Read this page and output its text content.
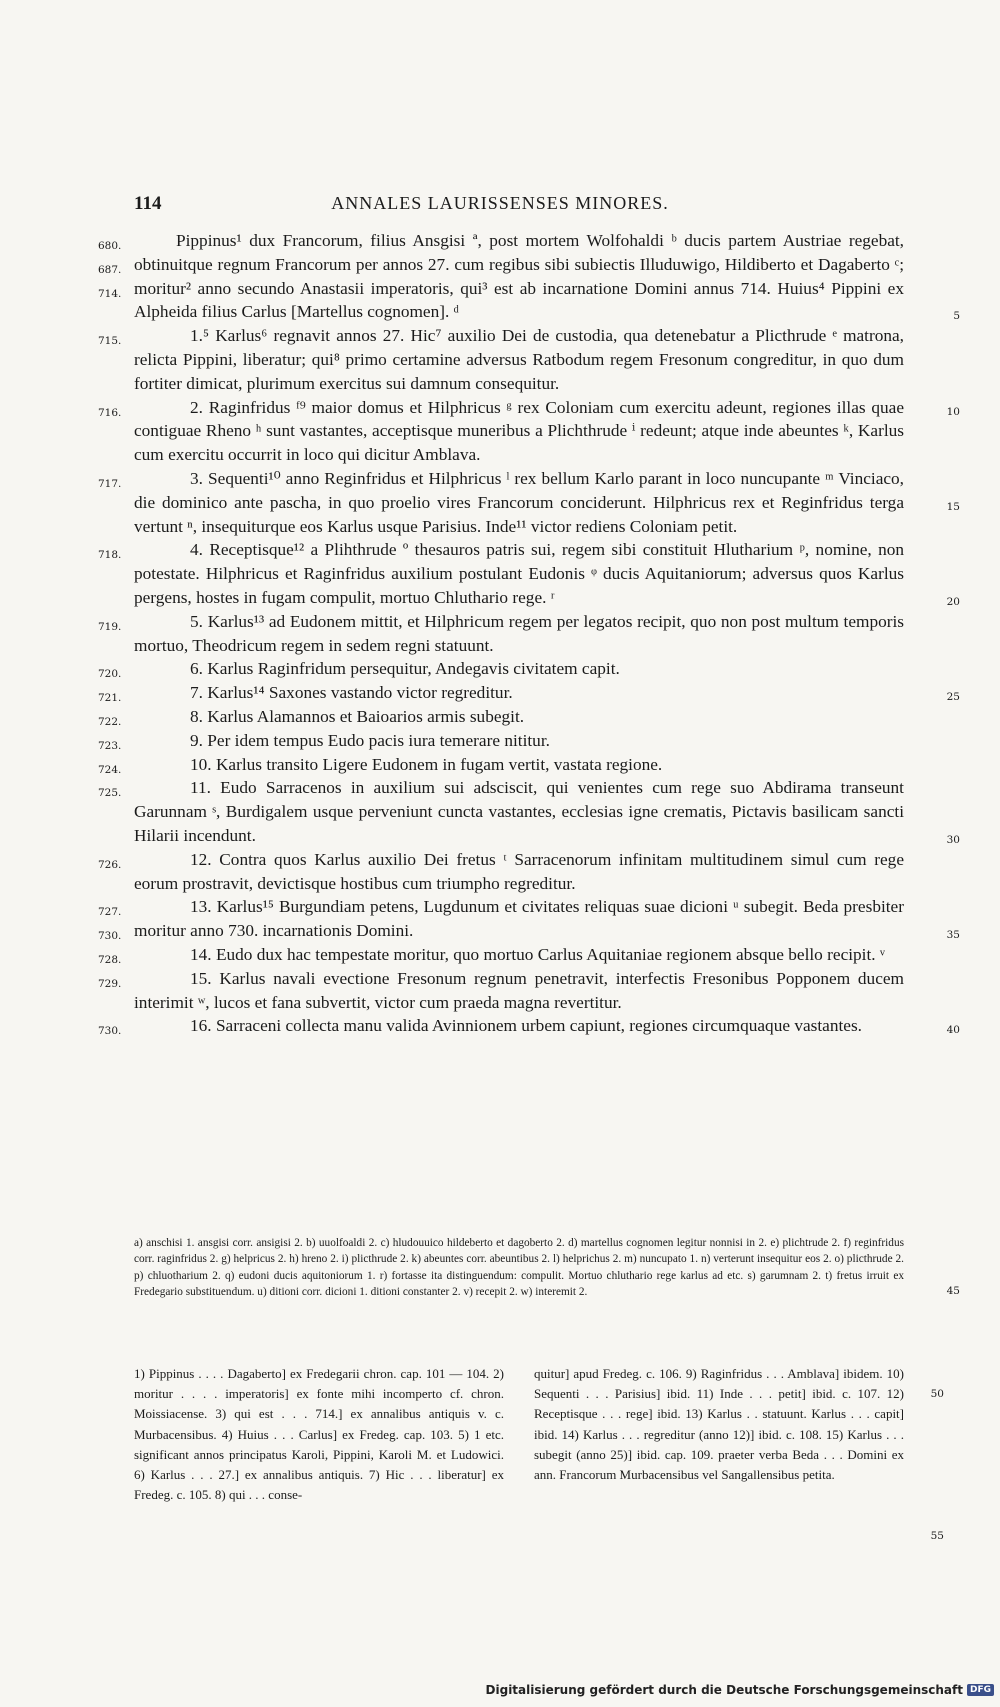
114	ANNALES LAURISSENSES MINORES.
Pippinus¹ dux Francorum, filius Ansgisi ª, post mortem Wolfohaldi ᵇ ducis partem Austriae regebat, obtinuitque regnum Francorum per annos 27. cum regibus sibi subiectis Illuduwigo, Hildiberto et Dagaberto ᶜ; moritur² anno secundo Anastasii imperatoris, qui³ est ab incarnatione Domini annus 714. Huius⁴ Pippini ex Alpheida filius Carlus [Martellus cognomen]. ᵈ
680.
687.
714.
5
1.⁵ Karlus⁶ regnavit annos 27. Hic⁷ auxilio Dei de custodia, qua detenebatur a Plicthrude ᵉ matrona, relicta Pippini, liberatur; qui⁸ primo certamine adversus Ratbodum regem Fresonum congreditur, in quo dum fortiter dimicat, plurimum exercitus sui damnum consequitur.
715.
2. Raginfridus ᶠ⁹ maior domus et Hilphricus ᵍ rex Coloniam cum exercitu adeunt, regiones illas quae contiguae Rheno ʰ sunt vastantes, acceptisque muneribus a Plichthrude ⁱ redeunt; atque inde abeuntes ᵏ, Karlus cum exercitu occurrit in loco qui dicitur Amblava.
716.	10
3. Sequenti¹⁰ anno Reginfridus et Hilphricus ˡ rex bellum Karlo parant in loco nuncupante ᵐ Vinciaco, die dominico ante pascha, in quo proelio vires Francorum conciderunt. Hilphricus rex et Reginfridus terga vertunt ⁿ, insequiturque eos Karlus usque Parisius. Inde¹¹ victor rediens Coloniam petit.
717.
15
4. Receptisque¹² a Plihthrude º thesauros patris sui, regem sibi constituit Hlutharium ᵖ, nomine, non potestate. Hilphricus et Raginfridus auxilium postulant Eudonis ᵠ ducis Aquitaniorum; adversus quos Karlus pergens, hostes in fugam compulit, mortuo Chluthario rege. ʳ
718.
20
5. Karlus¹³ ad Eudonem mittit, et Hilphricum regem per legatos recipit, quo non post multum temporis mortuo, Theodricum regem in sedem regni statuunt.
719.
6. Karlus Raginfridum persequitur, Andegavis civitatem capit.
720.
7. Karlus¹⁴ Saxones vastando victor regreditur.
721.	25
8. Karlus Alamannos et Baioarios armis subegit.
722.
9. Per idem tempus Eudo pacis iura temerare nititur.
723.
10. Karlus transito Ligere Eudonem in fugam vertit, vastata regione.
724.
11. Eudo Sarracenos in auxilium sui adsciscit, qui venientes cum rege suo Abdirama transeunt Garunnam ˢ, Burdigalem usque perveniunt cuncta vastantes, ecclesias igne crematis, Pictavis basilicam sancti Hilarii incendunt.
725.
30
12. Contra quos Karlus auxilio Dei fretus ᵗ Sarracenorum infinitam multitudinem simul cum rege eorum prostravit, devictisque hostibus cum triumpho regreditur.
726.
13. Karlus¹⁵ Burgundiam petens, Lugdunum et civitates reliquas suae dicioni ᵘ subegit. Beda presbiter moritur anno 730. incarnationis Domini.
727.
730.	35
14. Eudo dux hac tempestate moritur, quo mortuo Carlus Aquitaniae regionem absque bello recipit. ᵛ
728.
15. Karlus navali evectione Fresonum regnum penetravit, interfectis Fresonibus Popponem ducem interimit ʷ, lucos et fana subvertit, victor cum praeda magna revertitur.
729.
40
16. Sarraceni collecta manu valida Avinnionem urbem capiunt, regiones circumquaque vastantes.
730.
a) anschisi 1. ansgisi corr. ansigisi 2. b) uuolfoaldi 2. c) hludouuico hildeberto et dagoberto 2. d) martellus cognomen legitur nonnisi in 2. e) plichtrude 2. f) reginfridus corr. raginfridus 2. g) helpricus 2. h) hreno 2. i) plicthrude 2. k) abeuntes corr. abeuntibus 2. l) helprichus 2. m) nuncupato 1. n) verterunt insequitur eos 2. o) plicthrude 2. p) chluotharium 2. q) eudoni ducis aquitoniorum 1. r) fortasse ita distinguendum: compulit. Mortuo chluthario rege karlus ad etc. s) garumnam 2. t) fretus irruit ex Fredegario substituendum. u) ditioni corr. dicioni 1. ditioni constanter 2. v) recepit 2. w) interemit 2.	45
1) Pippinus . . . . Dagaberto] ex Fredegarii chron. cap. 101 — 104. 2) moritur . . . . imperatoris] ex fonte mihi incomperto cf. chron. Moissiacense. 3) qui est . . . 714.] ex annalibus antiquis v. c. Murbacensibus. 4) Huius . . . Carlus] ex Fredeg. cap. 103. 5) 1 etc. significant annos principatus Karoli, Pippini, Karoli M. et Ludowici. 6) Karlus . . . 27.] ex annalibus antiquis. 7) Hic . . . liberatur] ex Fredeg. c. 105. 8) qui . . . conse-
quitur] apud Fredeg. c. 106. 9) Raginfridus . . . Amblava] ibidem. 10) Sequenti . . . Parisius] ibid. 11) Inde . . . petit] ibid. c. 107. 12) Receptisque . . . rege] ibid. 13) Karlus . . statuunt. Karlus . . . capit] ibid. 14) Karlus . . . regreditur (anno 12)] ibid. c. 108. 15) Karlus . . . subegit (anno 25)] ibid. cap. 109. praeter verba Beda . . . Domini ex ann. Francorum Murbacensibus vel Sangallensibus petita.
50
55
Digitalisierung gefördert durch die Deutsche Forschungsgemeinschaft DFG
